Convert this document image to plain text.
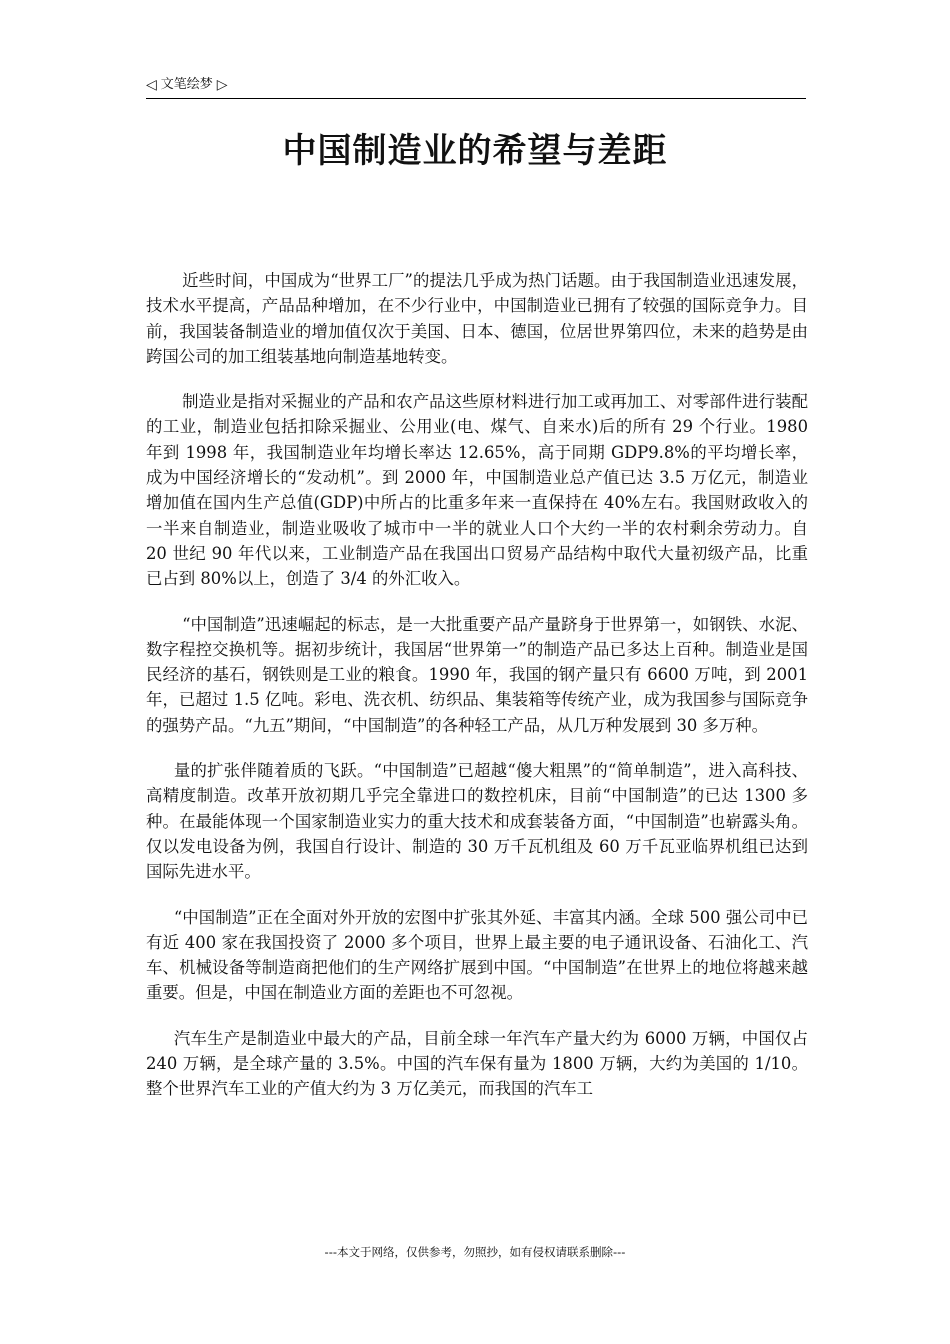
◁ 文笔绘梦 ▷
中国制造业的希望与差距

近些时间，中国成为“世界工厂”的提法几乎成为热门话题。由于我国制造业迅速发展，技术水平提高，产品品种增加，在不少行业中，中国制造业已拥有了较强的国际竞争力。目前，我国装备制造业的增加值仅次于美国、日本、德国，位居世界第四位，未来的趋势是由跨国公司的加工组装基地向制造基地转变。

制造业是指对采掘业的产品和农产品这些原材料进行加工或再加工、对零部件进行装配的工业，制造业包括扣除采掘业、公用业(电、煤气、自来水)后的所有 29 个行业。1980 年到 1998 年，我国制造业年均增长率达 12.65%，高于同期 GDP9.8%的平均增长率，成为中国经济增长的“发动机”。到 2000 年，中国制造业总产值已达 3.5 万亿元，制造业增加值在国内生产总值(GDP)中所占的比重多年来一直保持在 40%左右。我国财政收入的一半来自制造业，制造业吸收了城市中一半的就业人口个大约一半的农村剩余劳动力。自 20 世纪 90 年代以来，工业制造产品在我国出口贸易产品结构中取代大量初级产品，比重已占到 80%以上，创造了 3/4 的外汇收入。

“中国制造”迅速崛起的标志，是一大批重要产品产量跻身于世界第一，如钢铁、水泥、数字程控交换机等。据初步统计，我国居“世界第一”的制造产品已多达上百种。制造业是国民经济的基石，钢铁则是工业的粮食。1990 年，我国的钢产量只有 6600 万吨，到 2001 年，已超过 1.5 亿吨。彩电、洗衣机、纺织品、集装箱等传统产业，成为我国参与国际竞争的强势产品。“九五”期间，“中国制造”的各种轻工产品，从几万种发展到 30 多万种。

量的扩张伴随着质的飞跃。“中国制造”已超越“傻大粗黑”的“简单制造”，进入高科技、高精度制造。改革开放初期几乎完全靠进口的数控机床，目前“中国制造”的已达 1300 多种。在最能体现一个国家制造业实力的重大技术和成套装备方面，“中国制造”也崭露头角。仅以发电设备为例，我国自行设计、制造的 30 万千瓦机组及 60 万千瓦亚临界机组已达到国际先进水平。

“中国制造”正在全面对外开放的宏图中扩张其外延、丰富其内涵。全球 500 强公司中已有近 400 家在我国投资了 2000 多个项目，世界上最主要的电子通讯设备、石油化工、汽车、机械设备等制造商把他们的生产网络扩展到中国。“中国制造”在世界上的地位将越来越重要。但是，中国在制造业方面的差距也不可忽视。

汽车生产是制造业中最大的产品，目前全球一年汽车产量大约为 6000 万辆，中国仅占 240 万辆，是全球产量的 3.5%。中国的汽车保有量为 1800 万辆，大约为美国的 1/10。整个世界汽车工业的产值大约为 3 万亿美元，而我国的汽车工

---本文于网络，仅供参考，勿照抄，如有侵权请联系删除---
